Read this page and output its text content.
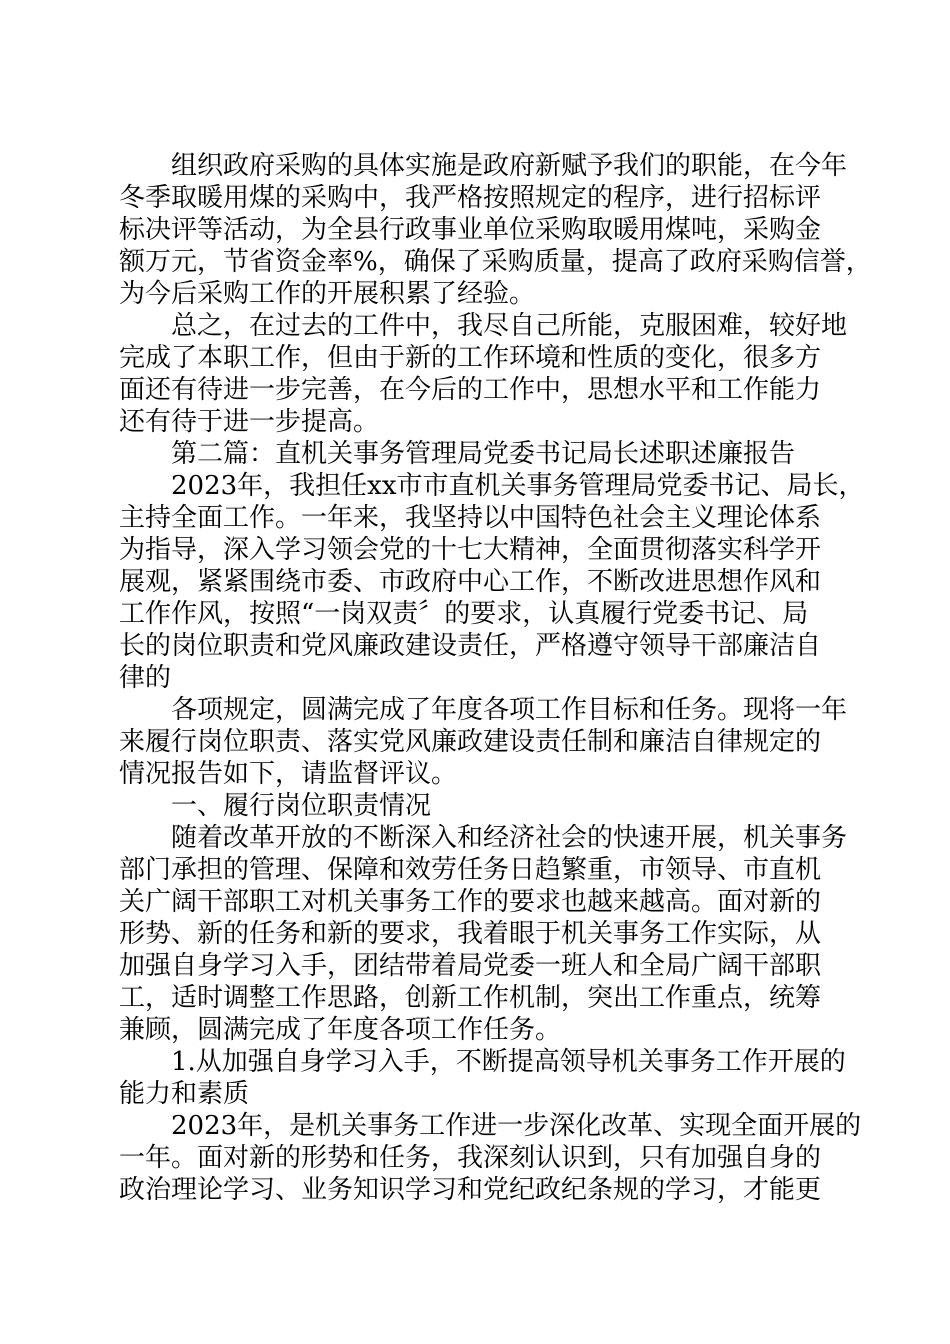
　　组织政府采购的具体实施是政府新赋予我们的职能，在今年
冬季取暖用煤的采购中，我严格按照规定的程序，进行招标评
标决评等活动，为全县行政事业单位采购取暖用煤吨，采购金
额万元，节省资金率%，确保了采购质量，提高了政府采购信誉，
为今后采购工作的开展积累了经验。
　　总之，在过去的工件中，我尽自己所能，克服困难，较好地
完成了本职工作，但由于新的工作环境和性质的变化，很多方
面还有待进一步完善，在今后的工作中，思想水平和工作能力
还有待于进一步提高。
　　第二篇：直机关事务管理局党委书记局长述职述廉报告
　　2023年，我担任xx市市直机关事务管理局党委书记、局长，
主持全面工作。一年来，我坚持以中国特色社会主义理论体系
为指导，深入学习领会党的十七大精神，全面贯彻落实科学开
展观，紧紧围绕市委、市政府中心工作，不断改进思想作风和
工作作风，按照“一岗双责〞的要求，认真履行党委书记、局
长的岗位职责和党风廉政建设责任，严格遵守领导干部廉洁自
律的
　　各项规定，圆满完成了年度各项工作目标和任务。现将一年
来履行岗位职责、落实党风廉政建设责任制和廉洁自律规定的
情况报告如下，请监督评议。
　　一、履行岗位职责情况
　　随着改革开放的不断深入和经济社会的快速开展，机关事务
部门承担的管理、保障和效劳任务日趋繁重，市领导、市直机
关广阔干部职工对机关事务工作的要求也越来越高。面对新的
形势、新的任务和新的要求，我着眼于机关事务工作实际，从
加强自身学习入手，团结带着局党委一班人和全局广阔干部职
工，适时调整工作思路，创新工作机制，突出工作重点，统筹
兼顾，圆满完成了年度各项工作任务。
　　1.从加强自身学习入手，不断提高领导机关事务工作开展的
能力和素质
　　2023年，是机关事务工作进一步深化改革、实现全面开展的
一年。面对新的形势和任务，我深刻认识到，只有加强自身的
政治理论学习、业务知识学习和党纪政纪条规的学习，才能更
